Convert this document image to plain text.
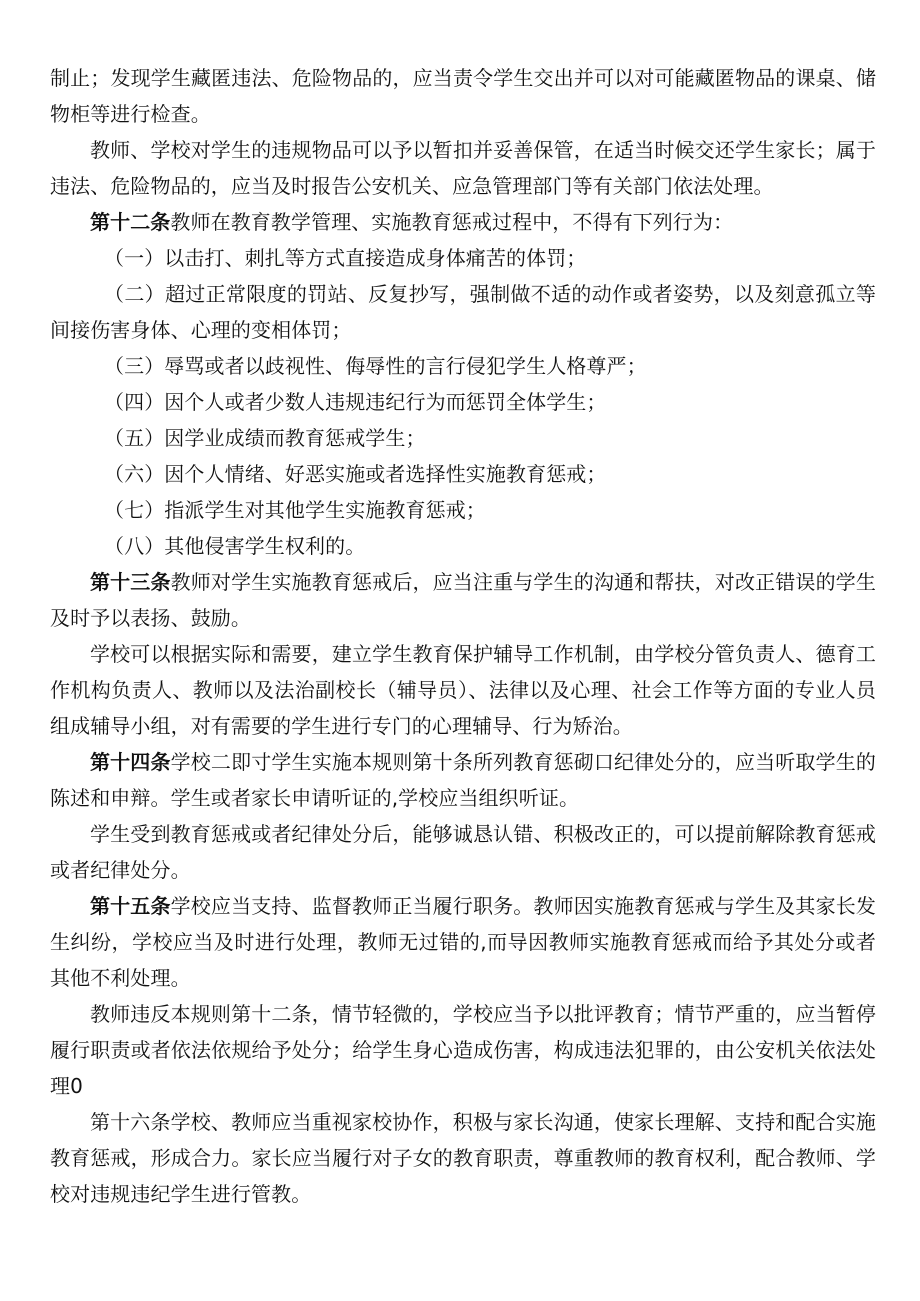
制止；发现学生藏匿违法、危险物品的，应当责令学生交出并可以对可能藏匿物品的课桌、储物柜等进行检查。

教师、学校对学生的违规物品可以予以暂扣并妥善保管，在适当时候交还学生家长；属于违法、危险物品的，应当及时报告公安机关、应急管理部门等有关部门依法处理。

第十二条教师在教育教学管理、实施教育惩戒过程中，不得有下列行为：

（一）以击打、刺扎等方式直接造成身体痛苦的体罚；

（二）超过正常限度的罚站、反复抄写，强制做不适的动作或者姿势，以及刻意孤立等间接伤害身体、心理的变相体罚；

（三）辱骂或者以歧视性、侮辱性的言行侵犯学生人格尊严；

（四）因个人或者少数人违规违纪行为而惩罚全体学生；

（五）因学业成绩而教育惩戒学生；

（六）因个人情绪、好恶实施或者选择性实施教育惩戒；

（七）指派学生对其他学生实施教育惩戒；

（八）其他侵害学生权利的。

第十三条教师对学生实施教育惩戒后，应当注重与学生的沟通和帮扶，对改正错误的学生及时予以表扬、鼓励。

学校可以根据实际和需要，建立学生教育保护辅导工作机制，由学校分管负责人、德育工作机构负责人、教师以及法治副校长（辅导员）、法律以及心理、社会工作等方面的专业人员组成辅导小组，对有需要的学生进行专门的心理辅导、行为矫治。

第十四条学校二即寸学生实施本规则第十条所列教育惩砌口纪律处分的，应当听取学生的陈述和申辩。学生或者家长申请听证的,学校应当组织听证。

学生受到教育惩戒或者纪律处分后，能够诚恳认错、积极改正的，可以提前解除教育惩戒或者纪律处分。

第十五条学校应当支持、监督教师正当履行职务。教师因实施教育惩戒与学生及其家长发生纠纷，学校应当及时进行处理，教师无过错的,而导因教师实施教育惩戒而给予其处分或者其他不利处理。

教师违反本规则第十二条，情节轻微的，学校应当予以批评教育；情节严重的，应当暂停履行职责或者依法依规给予处分；给学生身心造成伤害，构成违法犯罪的，由公安机关依法处理0

第十六条学校、教师应当重视家校协作，积极与家长沟通，使家长理解、支持和配合实施教育惩戒，形成合力。家长应当履行对子女的教育职责，尊重教师的教育权利，配合教师、学校对违规违纪学生进行管教。
